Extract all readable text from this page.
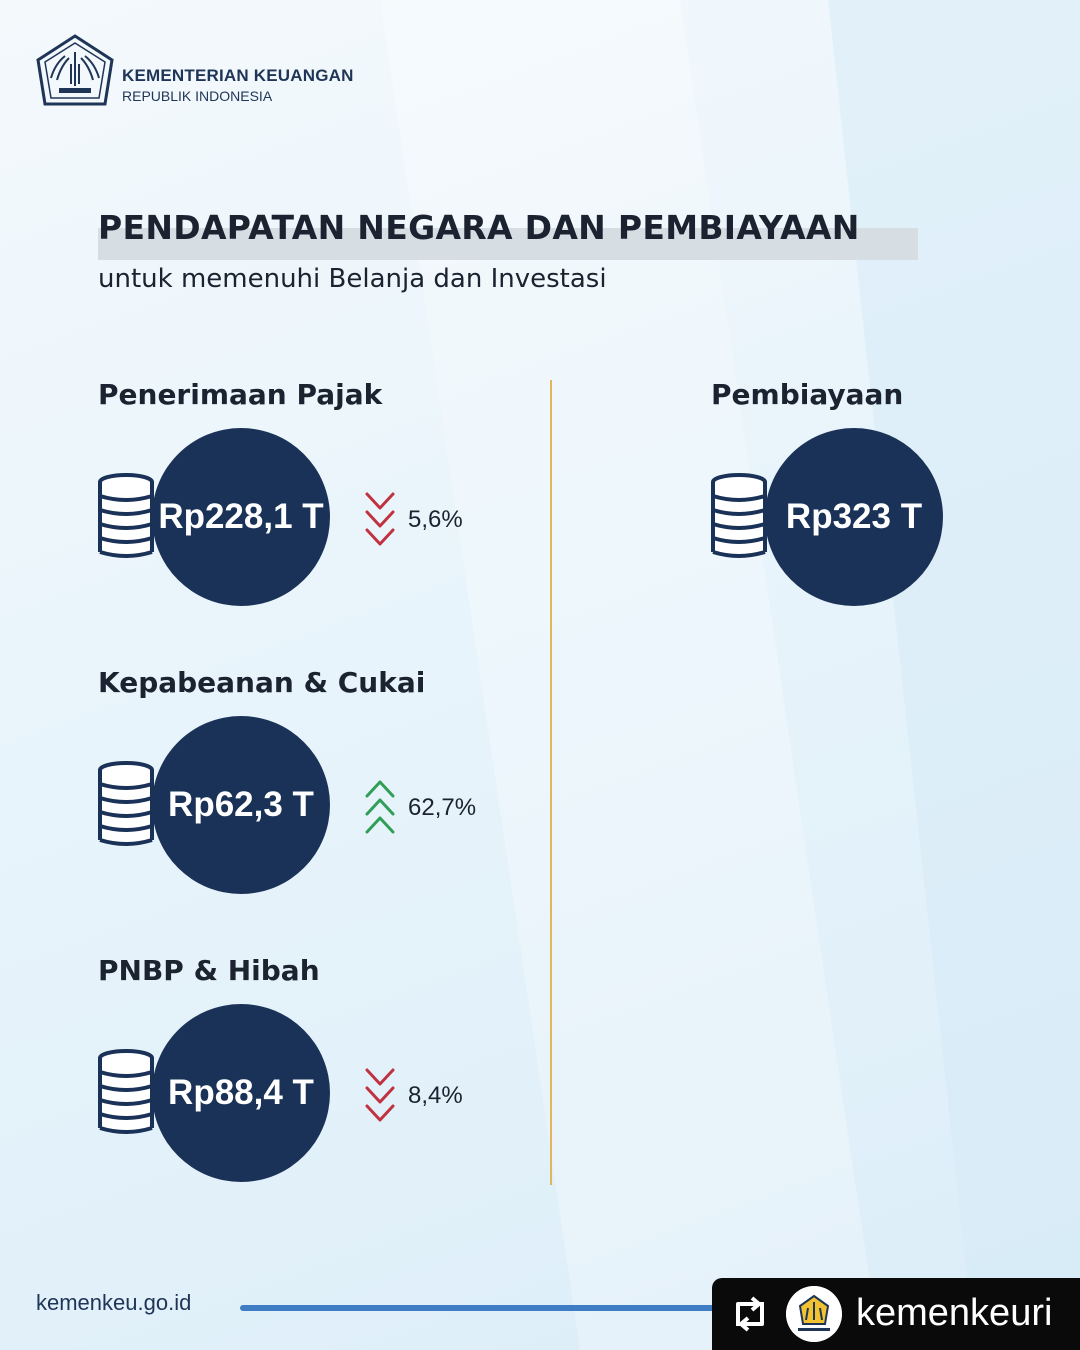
KEMENTERIAN KEUANGAN
REPUBLIK INDONESIA
PENDAPATAN NEGARA DAN PEMBIAYAAN
untuk memenuhi Belanja dan Investasi
Penerimaan Pajak
Rp228,1 T	5,6%
Kepabeanan & Cukai
Rp62,3 T	62,7%
PNBP & Hibah
Rp88,4 T	8,4%
Pembiayaan
Rp323 T
kemenkeu.go.id	kemenkeuri
